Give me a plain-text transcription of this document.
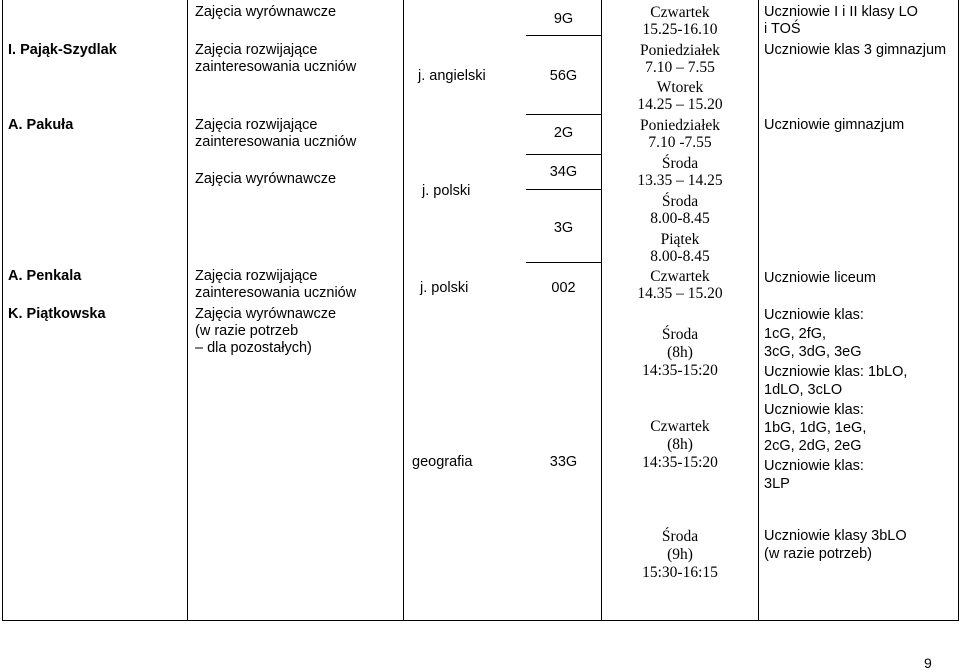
I. Pająk-Szydlak
A. Pakuła
A. Penkala
K. Piątkowska
Zajęcia wyrównawcze
Zajęcia rozwijające
zainteresowania uczniów
Zajęcia rozwijające
zainteresowania uczniów
Zajęcia wyrównawcze
Zajęcia rozwijające
zainteresowania uczniów
Zajęcia wyrównawcze
(w razie potrzeb
– dla pozostałych)
j. angielski
j. polski
j. polski
geografia
9G
56G
2G
34G
3G
002
33G
Czwartek
15.25-16.10
Poniedziałek
7.10 – 7.55
Wtorek
14.25 – 15.20
Poniedziałek
7.10 -7.55
Środa
13.35 – 14.25
Środa
8.00-8.45
Piątek
8.00-8.45
Czwartek
14.35 – 15.20
Środa
(8h)
14:35-15:20
Czwartek
(8h)
14:35-15:20
Środa
(9h)
15:30-16:15
Uczniowie I i II klasy LO
i TOŚ
Uczniowie klas 3 gimnazjum
Uczniowie gimnazjum
Uczniowie liceum
Uczniowie klas:
1cG, 2fG,
3cG, 3dG, 3eG
Uczniowie klas: 1bLO,
1dLO, 3cLO
Uczniowie klas:
1bG, 1dG, 1eG,
2cG, 2dG, 2eG
Uczniowie klas:
3LP
Uczniowie klasy 3bLO
(w razie potrzeb)
9
